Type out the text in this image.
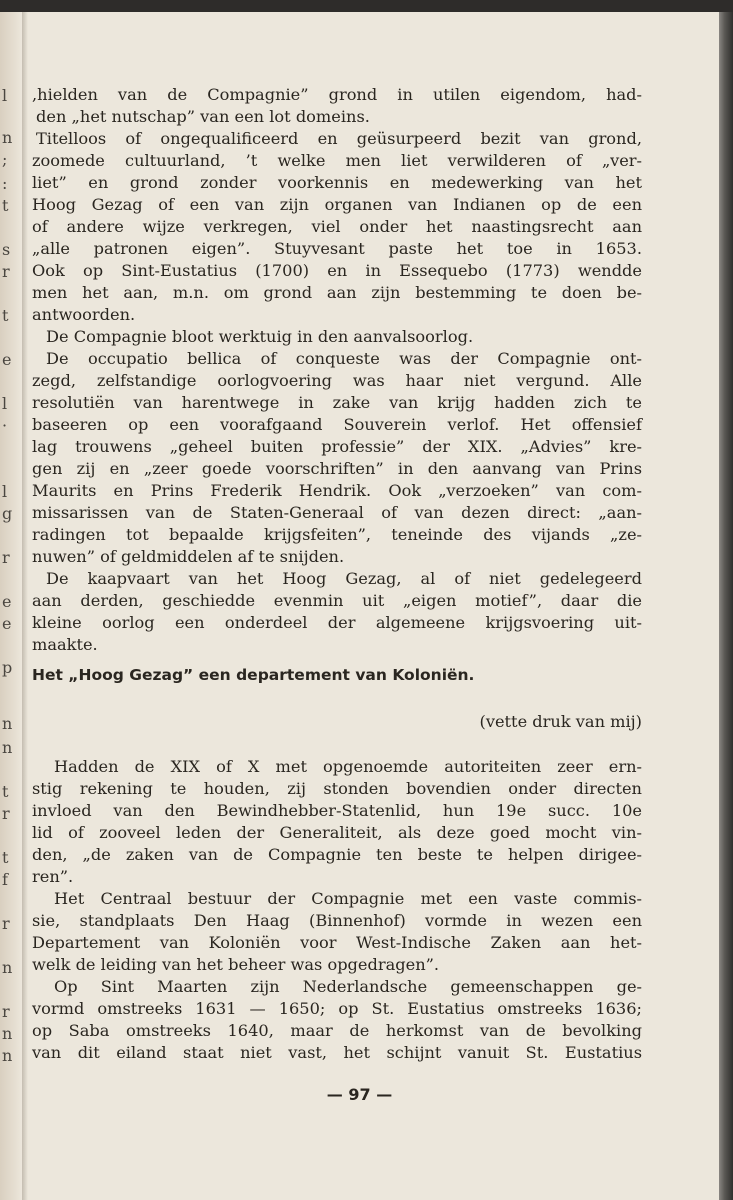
l
n
;
:
t
s
r
t
e
l
·
l
g
r
e
e
p
n
n
t
r
t
f
r
n
r
n
n
,hielden van de Compagnie” grond in utilen eigendom, had-
den „het nutschap” van een lot domeins.
Titelloos of ongequalificeerd en geüsurpeerd bezit van grond,
zoomede cultuurland, ’t welke men liet verwilderen of „ver-
liet” en grond zonder voorkennis en medewerking van het
Hoog Gezag of een van zijn organen van Indianen op de een
of andere wijze verkregen, viel onder het naastingsrecht aan
„alle patronen eigen”. Stuyvesant paste het toe in 1653.
Ook op Sint-Eustatius (1700) en in Essequebo (1773) wendde
men het aan, m.n. om grond aan zijn bestemming te doen be-
antwoorden.
De Compagnie bloot werktuig in den aanvalsoorlog.
De occupatio bellica of conqueste was der Compagnie ont-
zegd, zelfstandige oorlogvoering was haar niet vergund. Alle
resolutiën van harentwege in zake van krijg hadden zich te
baseeren op een voorafgaand Souverein verlof. Het offensief
lag trouwens „geheel buiten professie” der XIX. „Advies” kre-
gen zij en „zeer goede voorschriften” in den aanvang van Prins
Maurits en Prins Frederik Hendrik. Ook „verzoeken” van com-
missarissen van de Staten-Generaal of van dezen direct: „aan-
radingen tot bepaalde krijgsfeiten”, teneinde des vijands „ze-
nuwen” of geldmiddelen af te snijden.
De kaapvaart van het Hoog Gezag, al of niet gedelegeerd
aan derden, geschiedde evenmin uit „eigen motief”, daar die
kleine oorlog een onderdeel der algemeene krijgsvoering uit-
maakte.
Het „Hoog Gezag” een departement van Koloniën.
(vette druk van mij)
Hadden de XIX of X met opgenoemde autoriteiten zeer ern-
stig rekening te houden, zij stonden bovendien onder directen
invloed van den Bewindhebber-Statenlid, hun 19e succ. 10e
lid of zooveel leden der Generaliteit, als deze goed mocht vin-
den, „de zaken van de Compagnie ten beste te helpen dirigee-
ren”.
Het Centraal bestuur der Compagnie met een vaste commis-
sie, standplaats Den Haag (Binnenhof) vormde in wezen een
Departement van Koloniën voor West-Indische Zaken aan het-
welk de leiding van het beheer was opgedragen”.
Op Sint Maarten zijn Nederlandsche gemeenschappen ge-
vormd omstreeks 1631 — 1650; op St. Eustatius omstreeks 1636;
op Saba omstreeks 1640, maar de herkomst van de bevolking
van dit eiland staat niet vast, het schijnt vanuit St. Eustatius
— 97 —
